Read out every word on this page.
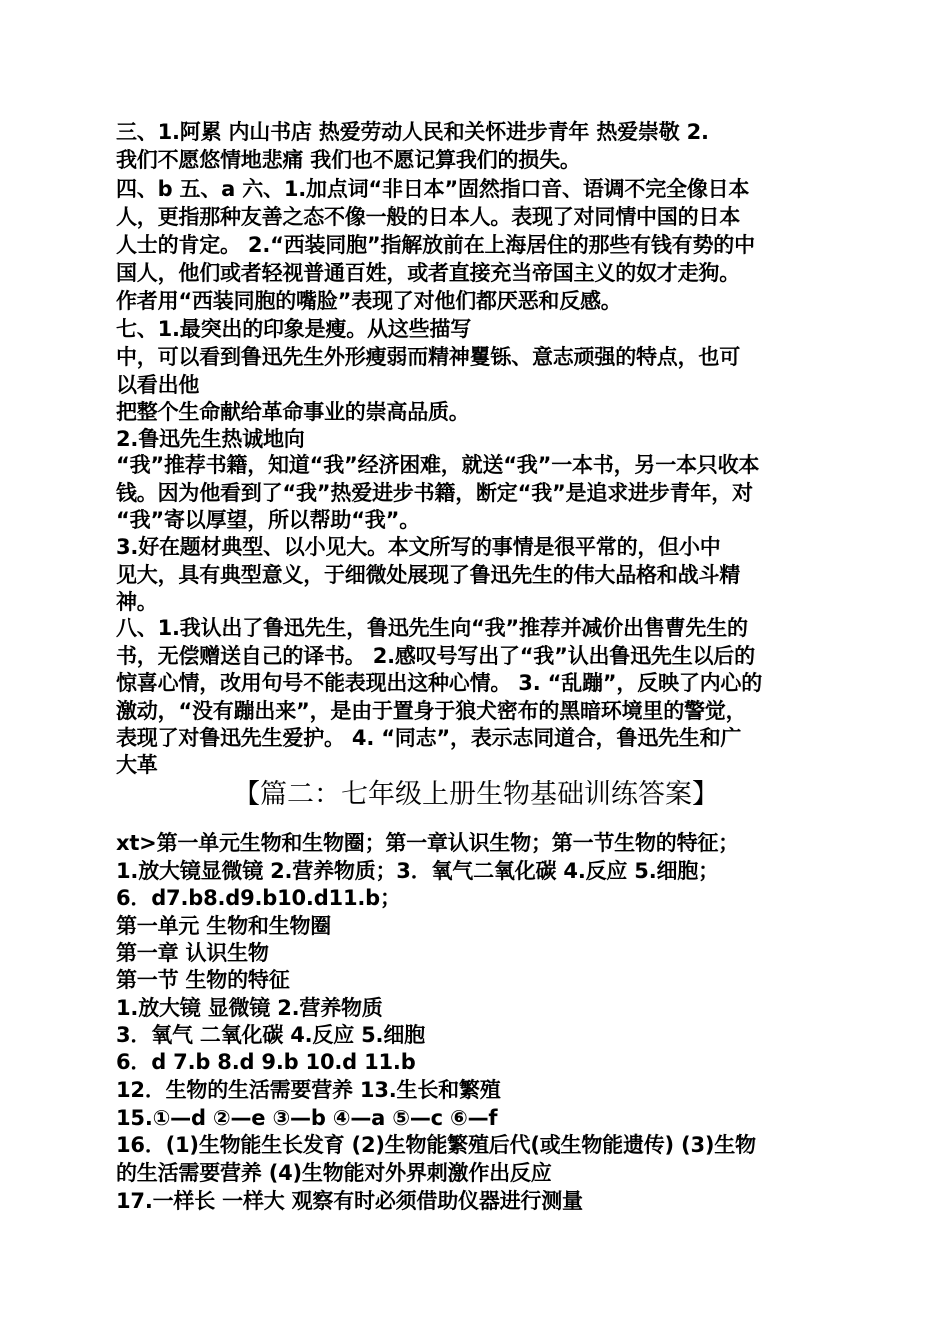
三、1.阿累 内山书店 热爱劳动人民和关怀进步青年 热爱崇敬 2.
我们不愿悠情地悲痛 我们也不愿记算我们的损失。
四、b 五、a 六、1.加点词“非日本”固然指口音、语调不完全像日本
人，更指那种友善之态不像一般的日本人。表现了对同情中国的日本
人士的肯定。 2.“西装同胞”指解放前在上海居住的那些有钱有势的中
国人，他们或者轻视普通百姓，或者直接充当帝国主义的奴才走狗。
作者用“西装同胞的嘴脸”表现了对他们都厌恶和反感。
七、1.最突出的印象是瘦。从这些描写
中，可以看到鲁迅先生外形瘦弱而精神矍铄、意志顽强的特点，也可
以看出他
把整个生命献给革命事业的崇高品质。
2.鲁迅先生热诚地向
“我”推荐书籍，知道“我”经济困难，就送“我”一本书，另一本只收本
钱。因为他看到了“我”热爱进步书籍，断定“我”是追求进步青年，对
“我”寄以厚望，所以帮助“我”。
3.好在题材典型、以小见大。本文所写的事情是很平常的，但小中
见大，具有典型意义，于细微处展现了鲁迅先生的伟大品格和战斗精
神。
八、1.我认出了鲁迅先生，鲁迅先生向“我”推荐并减价出售曹先生的
书，无偿赠送自己的译书。 2.感叹号写出了“我”认出鲁迅先生以后的
惊喜心情，改用句号不能表现出这种心情。 3. “乱蹦”，反映了内心的
激动，“没有蹦出来”，是由于置身于狼犬密布的黑暗环境里的警觉，
表现了对鲁迅先生爱护。 4. “同志”，表示志同道合，鲁迅先生和广
大革
【篇二：七年级上册生物基础训练答案】
xt>第一单元生物和生物圈；第一章认识生物；第一节生物的特征；
1.放大镜显微镜 2.营养物质；3．氧气二氧化碳 4.反应 5.细胞；
6．d7.b8.d9.b10.d11.b；
第一单元 生物和生物圈
第一章 认识生物
第一节 生物的特征
1.放大镜 显微镜 2.营养物质
3．氧气 二氧化碳 4.反应 5.细胞
6．d 7.b 8.d 9.b 10.d 11.b
12．生物的生活需要营养 13.生长和繁殖
15.①—d ②—e ③—b ④—a ⑤—c ⑥—f
16．(1)生物能生长发育 (2)生物能繁殖后代(或生物能遗传) (3)生物
的生活需要营养 (4)生物能对外界刺激作出反应
17.一样长 一样大 观察有时必须借助仪器进行测量
